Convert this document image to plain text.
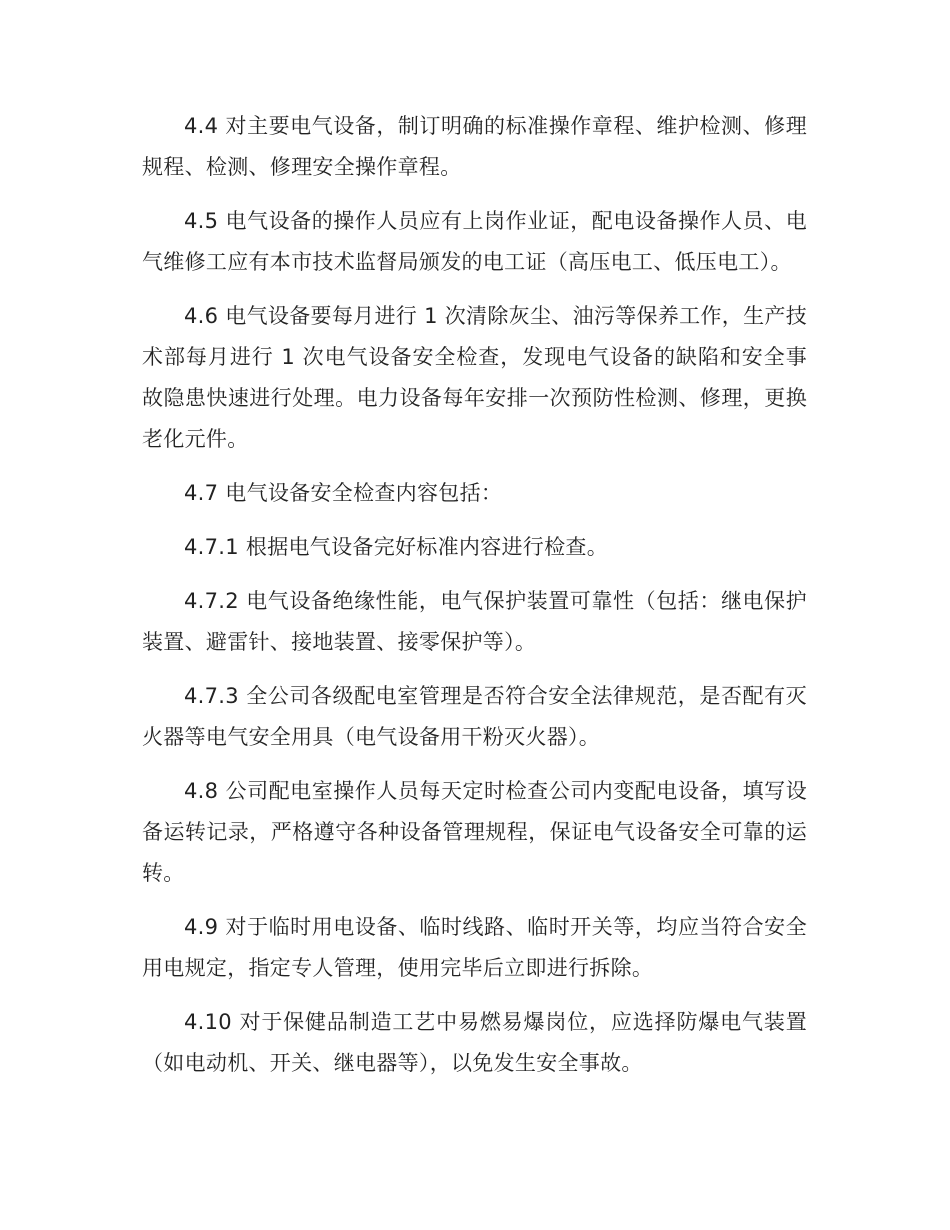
4.4 对主要电气设备，制订明确的标准操作章程、维护检测、修理规程、检测、修理安全操作章程。

4.5 电气设备的操作人员应有上岗作业证，配电设备操作人员、电气维修工应有本市技术监督局颁发的电工证（高压电工、低压电工）。

4.6 电气设备要每月进行 1 次清除灰尘、油污等保养工作，生产技术部每月进行 1 次电气设备安全检查，发现电气设备的缺陷和安全事故隐患快速进行处理。电力设备每年安排一次预防性检测、修理，更换老化元件。

4.7 电气设备安全检查内容包括：

4.7.1 根据电气设备完好标准内容进行检查。

4.7.2 电气设备绝缘性能，电气保护装置可靠性（包括：继电保护装置、避雷针、接地装置、接零保护等）。

4.7.3 全公司各级配电室管理是否符合安全法律规范，是否配有灭火器等电气安全用具（电气设备用干粉灭火器）。

4.8 公司配电室操作人员每天定时检查公司内变配电设备，填写设备运转记录，严格遵守各种设备管理规程，保证电气设备安全可靠的运转。

4.9 对于临时用电设备、临时线路、临时开关等，均应当符合安全用电规定，指定专人管理，使用完毕后立即进行拆除。

4.10 对于保健品制造工艺中易燃易爆岗位，应选择防爆电气装置（如电动机、开关、继电器等），以免发生安全事故。
